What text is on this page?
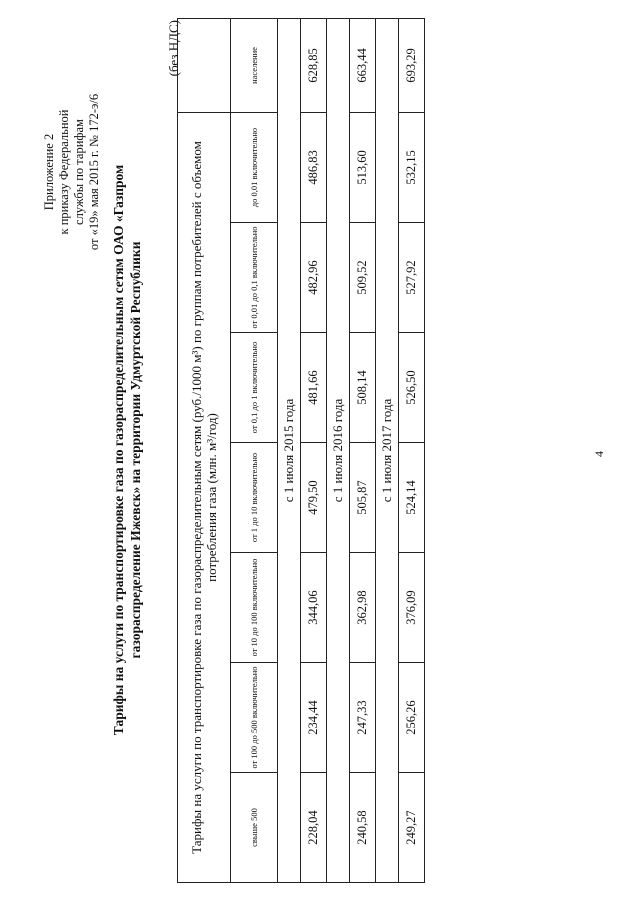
Приложение 2 к приказу Федеральной службы по тарифам от «19» мая 2015 г. № 172-э/6 Тарифы на услуги по транспортировке газа по газораспределительным сетям ОАО «Газпром газораспределение Ижевск» на территории Удмуртской Республики
(без НДС)
Тарифы на услуги по транспортировке газа по газораспределительным сетям (руб./1000 м³) по группам потребителей с объемом потребления газа (млн. м³/год)							
свыше 500	от 100 до 500 включительно	от 10 до 100 включительно	от 1 до 10 включительно	от 0,1 до 1 включительно	от 0,01 до 0,1 включительно	до 0,01 включительно	население
с 1 июля 2015 года							
228,04	234,44	344,06	479,50	481,66	482,96	486,83	628,85
с 1 июля 2016 года							
240,58	247,33	362,98	505,87	508,14	509,52	513,60	663,44
с 1 июля 2017 года							
249,27	256,26	376,09	524,14	526,50	527,92	532,15	693,29
4
